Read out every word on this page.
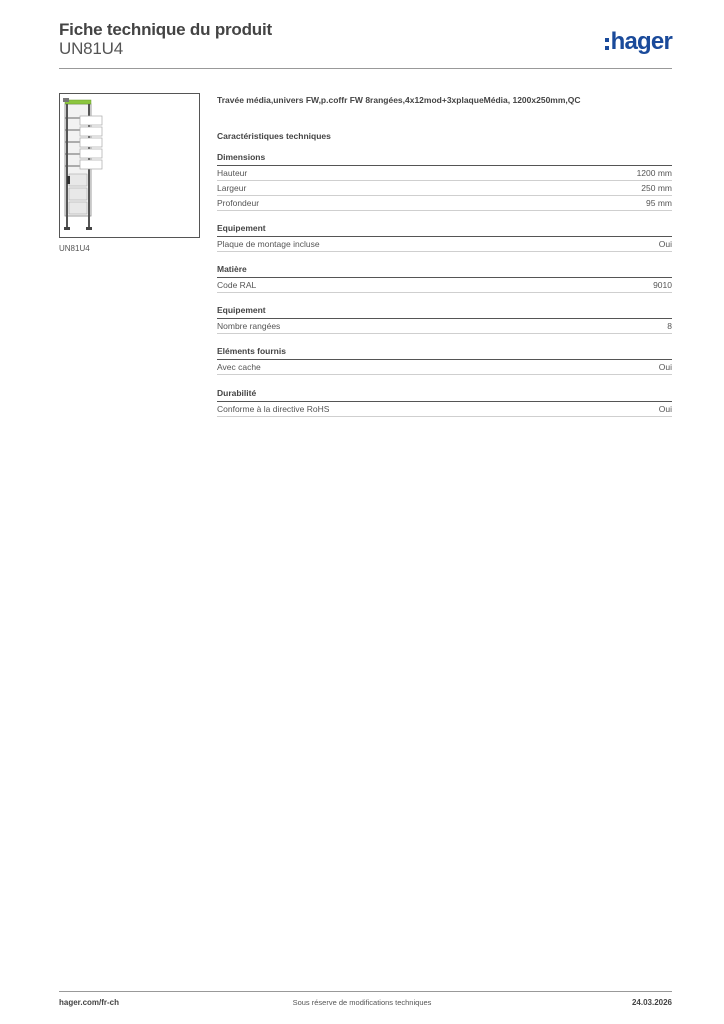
Fiche technique du produit
UN81U4	hager
UN81U4
Travée média,univers FW,p.coffr FW 8rangées,4x12mod+3xplaqueMédia, 1200x250mm,QC
Caractéristiques techniques
Dimensions
Hauteur	1200 mm
Largeur	250 mm
Profondeur	95 mm
Equipement
Plaque de montage incluse	Oui
Matière
Code RAL	9010
Equipement
Nombre rangées	8
Eléments fournis
Avec cache	Oui
Durabilité
Conforme à la directive RoHS	Oui
hager.com/fr-ch	Sous réserve de modifications techniques	24.03.2026
